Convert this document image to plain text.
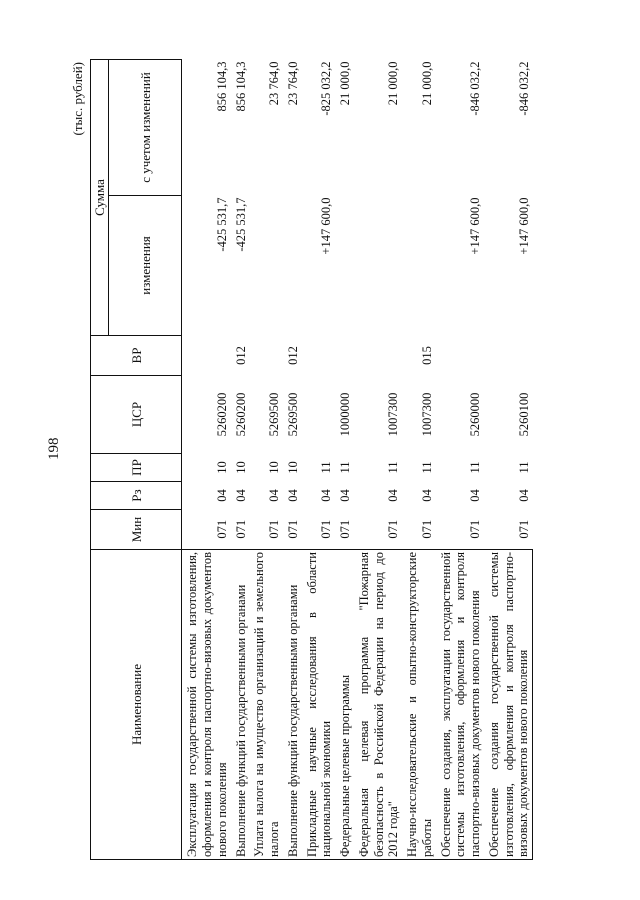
198
(тыс. рублей)
Наименование	Мин	Рз	ПР	ЦСР	ВР	Сумма	
						изменения	с учетом изменений
Эксплуатация государственной системы изготовления, оформления и контроля паспортно-визовых документов нового поколения	071	04	10	5260200		-425 531,7	856 104,3
Выполнение функций государственными органами	071	04	10	5260200	012	-425 531,7	856 104,3
Уплата налога на имущество организаций и земельного налога	071	04	10	5269500			23 764,0
Выполнение функций государственными органами	071	04	10	5269500	012		23 764,0
Прикладные научные исследования в области национальной экономики	071	04	11			+147 600,0	-825 032,2
Федеральные целевые программы	071	04	11	1000000			21 000,0
Федеральная целевая программа "Пожарная безопасность в Российской Федерации на период до 2012 года"	071	04	11	1007300			21 000,0
Научно-исследовательские и опытно-конструкторские работы	071	04	11	1007300	015		21 000,0
Обеспечение создания, эксплуатации государственной системы изготовления, оформления и контроля паспортно-визовых документов нового поколения	071	04	11	5260000		+147 600,0	-846 032,2
Обеспечение создания государственной системы изготовления, оформления и контроля паспортно-визовых документов нового поколения	071	04	11	5260100		+147 600,0	-846 032,2
